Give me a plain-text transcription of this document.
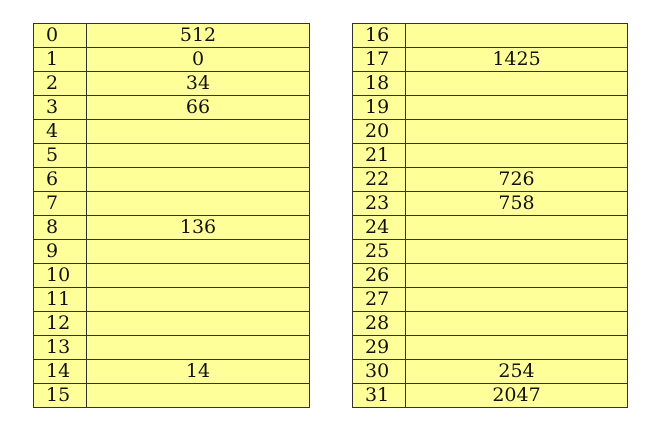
0	512
1	0
2	34
3	66
4	
5	
6	
7	
8	136
9	
10	
11	
12	
13	
14	14
15	
16	
17	1425
18	
19	
20	
21	
22	726
23	758
24	
25	
26	
27	
28	
29	
30	254
31	2047
